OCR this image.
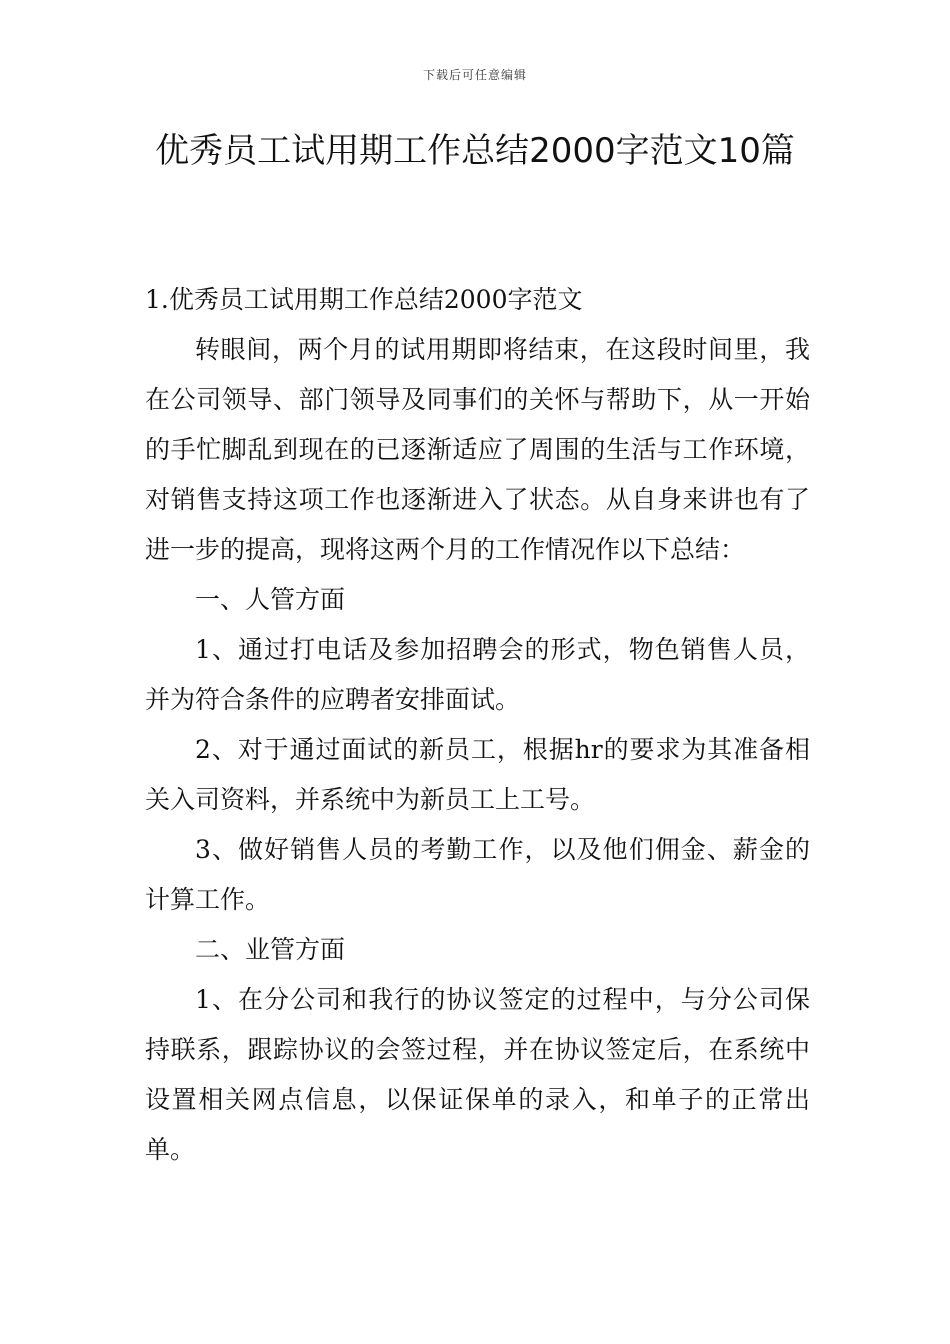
下载后可任意编辑
优秀员工试用期工作总结2000字范文10篇

1.优秀员工试用期工作总结2000字范文

转眼间，两个月的试用期即将结束，在这段时间里，我在公司领导、部门领导及同事们的关怀与帮助下，从一开始的手忙脚乱到现在的已逐渐适应了周围的生活与工作环境，对销售支持这项工作也逐渐进入了状态。从自身来讲也有了进一步的提高，现将这两个月的工作情况作以下总结：

一、人管方面

1、通过打电话及参加招聘会的形式，物色销售人员，并为符合条件的应聘者安排面试。

2、对于通过面试的新员工，根据hr的要求为其准备相关入司资料，并系统中为新员工上工号。

3、做好销售人员的考勤工作，以及他们佣金、薪金的计算工作。

二、业管方面

1、在分公司和我行的协议签定的过程中，与分公司保持联系，跟踪协议的会签过程，并在协议签定后，在系统中设置相关网点信息，以保证保单的录入，和单子的正常出单。
